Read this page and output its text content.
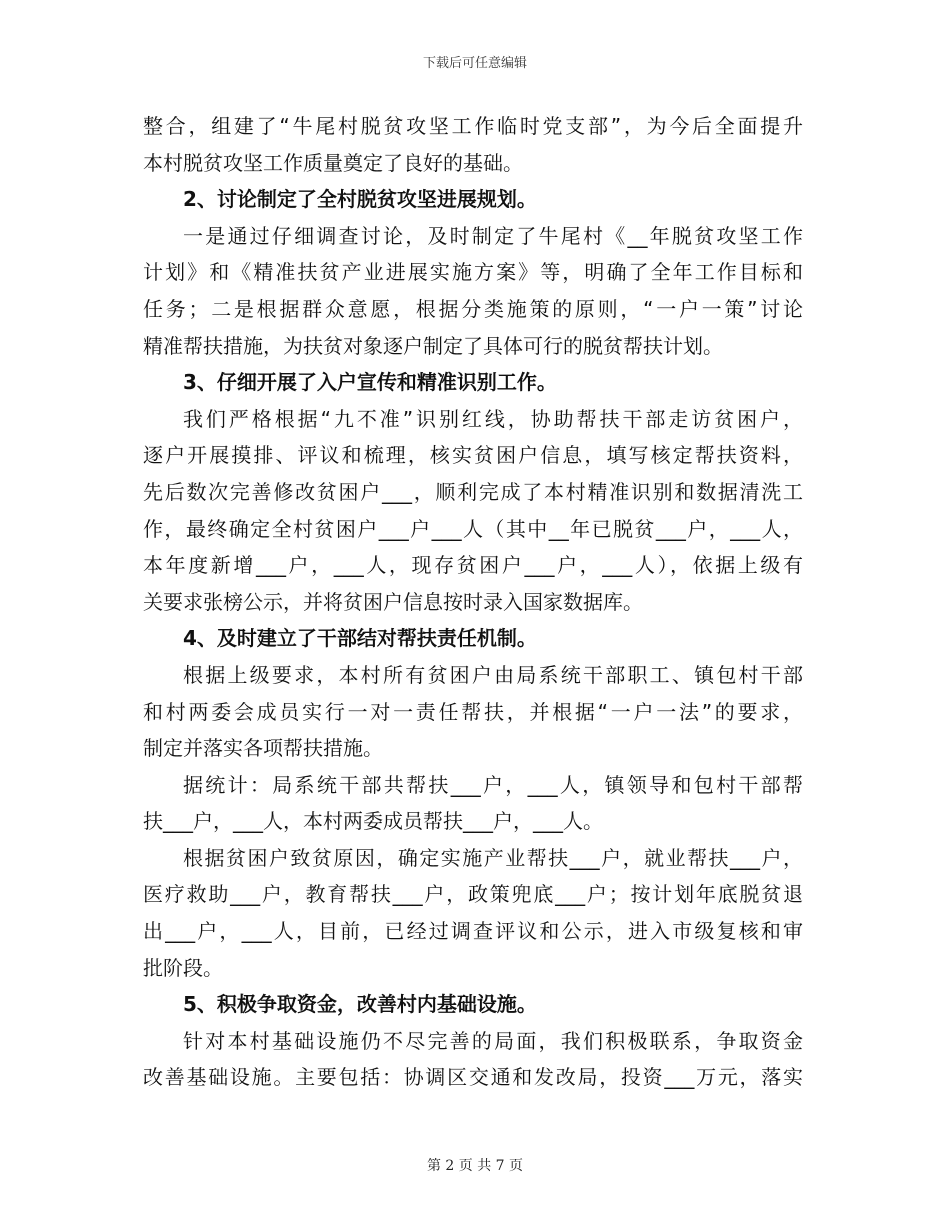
下载后可任意编辑
整合，组建了“牛尾村脱贫攻坚工作临时党支部”，为今后全面提升
本村脱贫攻坚工作质量奠定了良好的基础。
2、讨论制定了全村脱贫攻坚进展规划。
一是通过仔细调查讨论，及时制定了牛尾村《__年脱贫攻坚工作
计划》和《精准扶贫产业进展实施方案》等，明确了全年工作目标和
任务；二是根据群众意愿，根据分类施策的原则，“一户一策”讨论
精准帮扶措施，为扶贫对象逐户制定了具体可行的脱贫帮扶计划。
3、仔细开展了入户宣传和精准识别工作。
我们严格根据“九不准”识别红线，协助帮扶干部走访贫困户，
逐户开展摸排、评议和梳理，核实贫困户信息，填写核定帮扶资料，
先后数次完善修改贫困户___，顺利完成了本村精准识别和数据清洗工
作，最终确定全村贫困户___户___人（其中__年已脱贫___户，___人，
本年度新增___户，___人，现存贫困户___户，___人），依据上级有
关要求张榜公示，并将贫困户信息按时录入国家数据库。
4、及时建立了干部结对帮扶责任机制。
根据上级要求，本村所有贫困户由局系统干部职工、镇包村干部
和村两委会成员实行一对一责任帮扶，并根据“一户一法”的要求，
制定并落实各项帮扶措施。
据统计：局系统干部共帮扶___户，___人，镇领导和包村干部帮
扶___户，___人，本村两委成员帮扶___户，___人。
根据贫困户致贫原因，确定实施产业帮扶___户，就业帮扶___户，
医疗救助___户，教育帮扶___户，政策兜底___户；按计划年底脱贫退
出___户，___人，目前，已经过调查评议和公示，进入市级复核和审
批阶段。
5、积极争取资金，改善村内基础设施。
针对本村基础设施仍不尽完善的局面，我们积极联系，争取资金
改善基础设施。主要包括：协调区交通和发改局，投资___万元，落实
第 2 页 共 7 页
